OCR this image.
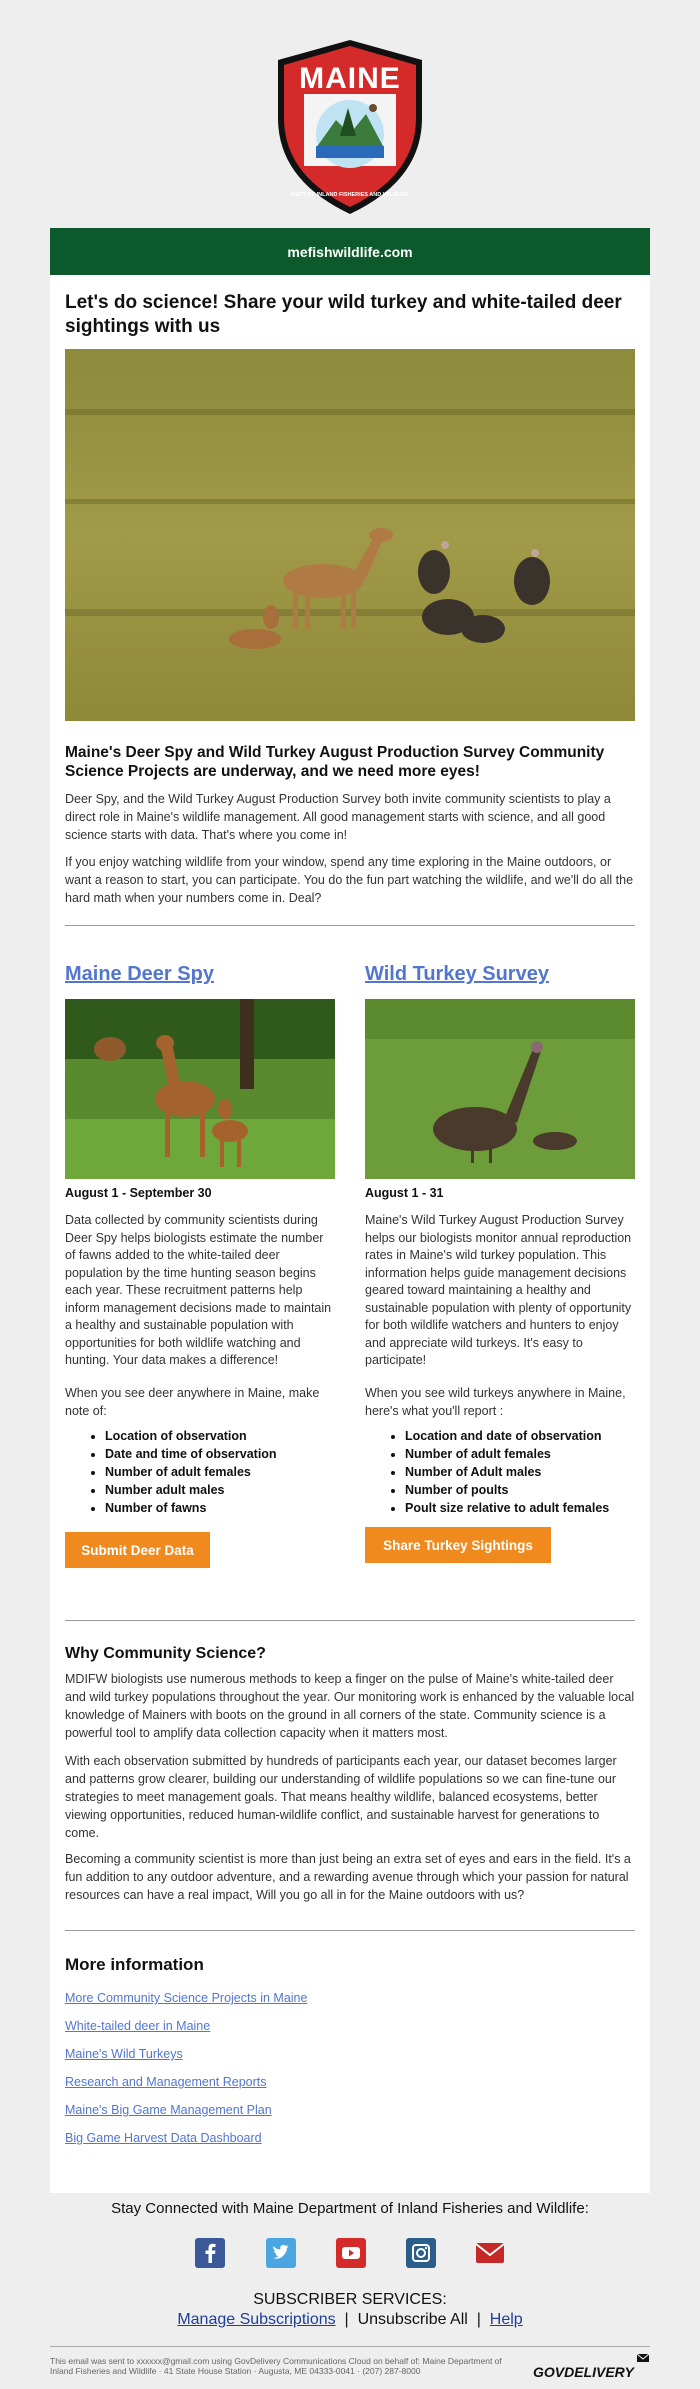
MAINE
DEPT OF INLAND FISHERIES AND WILDLIFE
mefishwildlife.com
Let's do science! Share your wild turkey and white-tailed deer sightings with us
Maine's Deer Spy and Wild Turkey August Production Survey Community Science Projects are underway, and we need more eyes!

Deer Spy, and the Wild Turkey August Production Survey both invite community scientists to play a direct role in Maine's wildlife management. All good management starts with science, and all good science starts with data. That's where you come in!

If you enjoy watching wildlife from your window, spend any time exploring in the Maine outdoors, or want a reason to start, you can participate. You do the fun part watching the wildlife, and we'll do all the hard math when your numbers come in. Deal?

Maine Deer Spy
August 1 - September 30

Data collected by community scientists during Deer Spy helps biologists estimate the number of fawns added to the white-tailed deer population by the time hunting season begins each year. These recruitment patterns help inform management decisions made to maintain a healthy and sustainable population with opportunities for both wildlife watching and hunting. Your data makes a difference!

When you see deer anywhere in Maine, make note of:

• Location of observation
• Date and time of observation
• Number of adult females
• Number adult males
• Number of fawns
Submit Deer Data
Wild Turkey Survey
August 1 - 31

Maine's Wild Turkey August Production Survey helps our biologists monitor annual reproduction rates in Maine's wild turkey population. This information helps guide management decisions geared toward maintaining a healthy and sustainable population with plenty of opportunity for both wildlife watchers and hunters to enjoy and appreciate wild turkeys. It's easy to participate!

When you see wild turkeys anywhere in Maine, here's what you'll report :

• Location and date of observation
• Number of adult females
• Number of Adult males
• Number of poults
• Poult size relative to adult females
Share Turkey Sightings
Why Community Science?

MDIFW biologists use numerous methods to keep a finger on the pulse of Maine's white-tailed deer and wild turkey populations throughout the year. Our monitoring work is enhanced by the valuable local knowledge of Mainers with boots on the ground in all corners of the state. Community science is a powerful tool to amplify data collection capacity when it matters most.

With each observation submitted by hundreds of participants each year, our dataset becomes larger and patterns grow clearer, building our understanding of wildlife populations so we can fine-tune our strategies to meet management goals. That means healthy wildlife, balanced ecosystems, better viewing opportunities, reduced human-wildlife conflict, and sustainable harvest for generations to come.

Becoming a community scientist is more than just being an extra set of eyes and ears in the field. It's a fun addition to any outdoor adventure, and a rewarding avenue through which your passion for natural resources can have a real impact, Will you go all in for the Maine outdoors with us?

More information
More Community Science Projects in Maine
White-tailed deer in Maine
Maine's Wild Turkeys
Research and Management Reports
Maine's Big Game Management Plan
Big Game Harvest Data Dashboard
Stay Connected with Maine Department of Inland Fisheries and Wildlife:
SUBSCRIBER SERVICES:
Manage Subscriptions | Unsubscribe All | Help
This email was sent to xxxxxx@gmail.com using GovDelivery Communications Cloud on behalf of: Maine Department of Inland Fisheries and Wildlife · 41 State House Station · Augusta, ME 04333-0041 · (207) 287-8000	GOVDELIVERY
